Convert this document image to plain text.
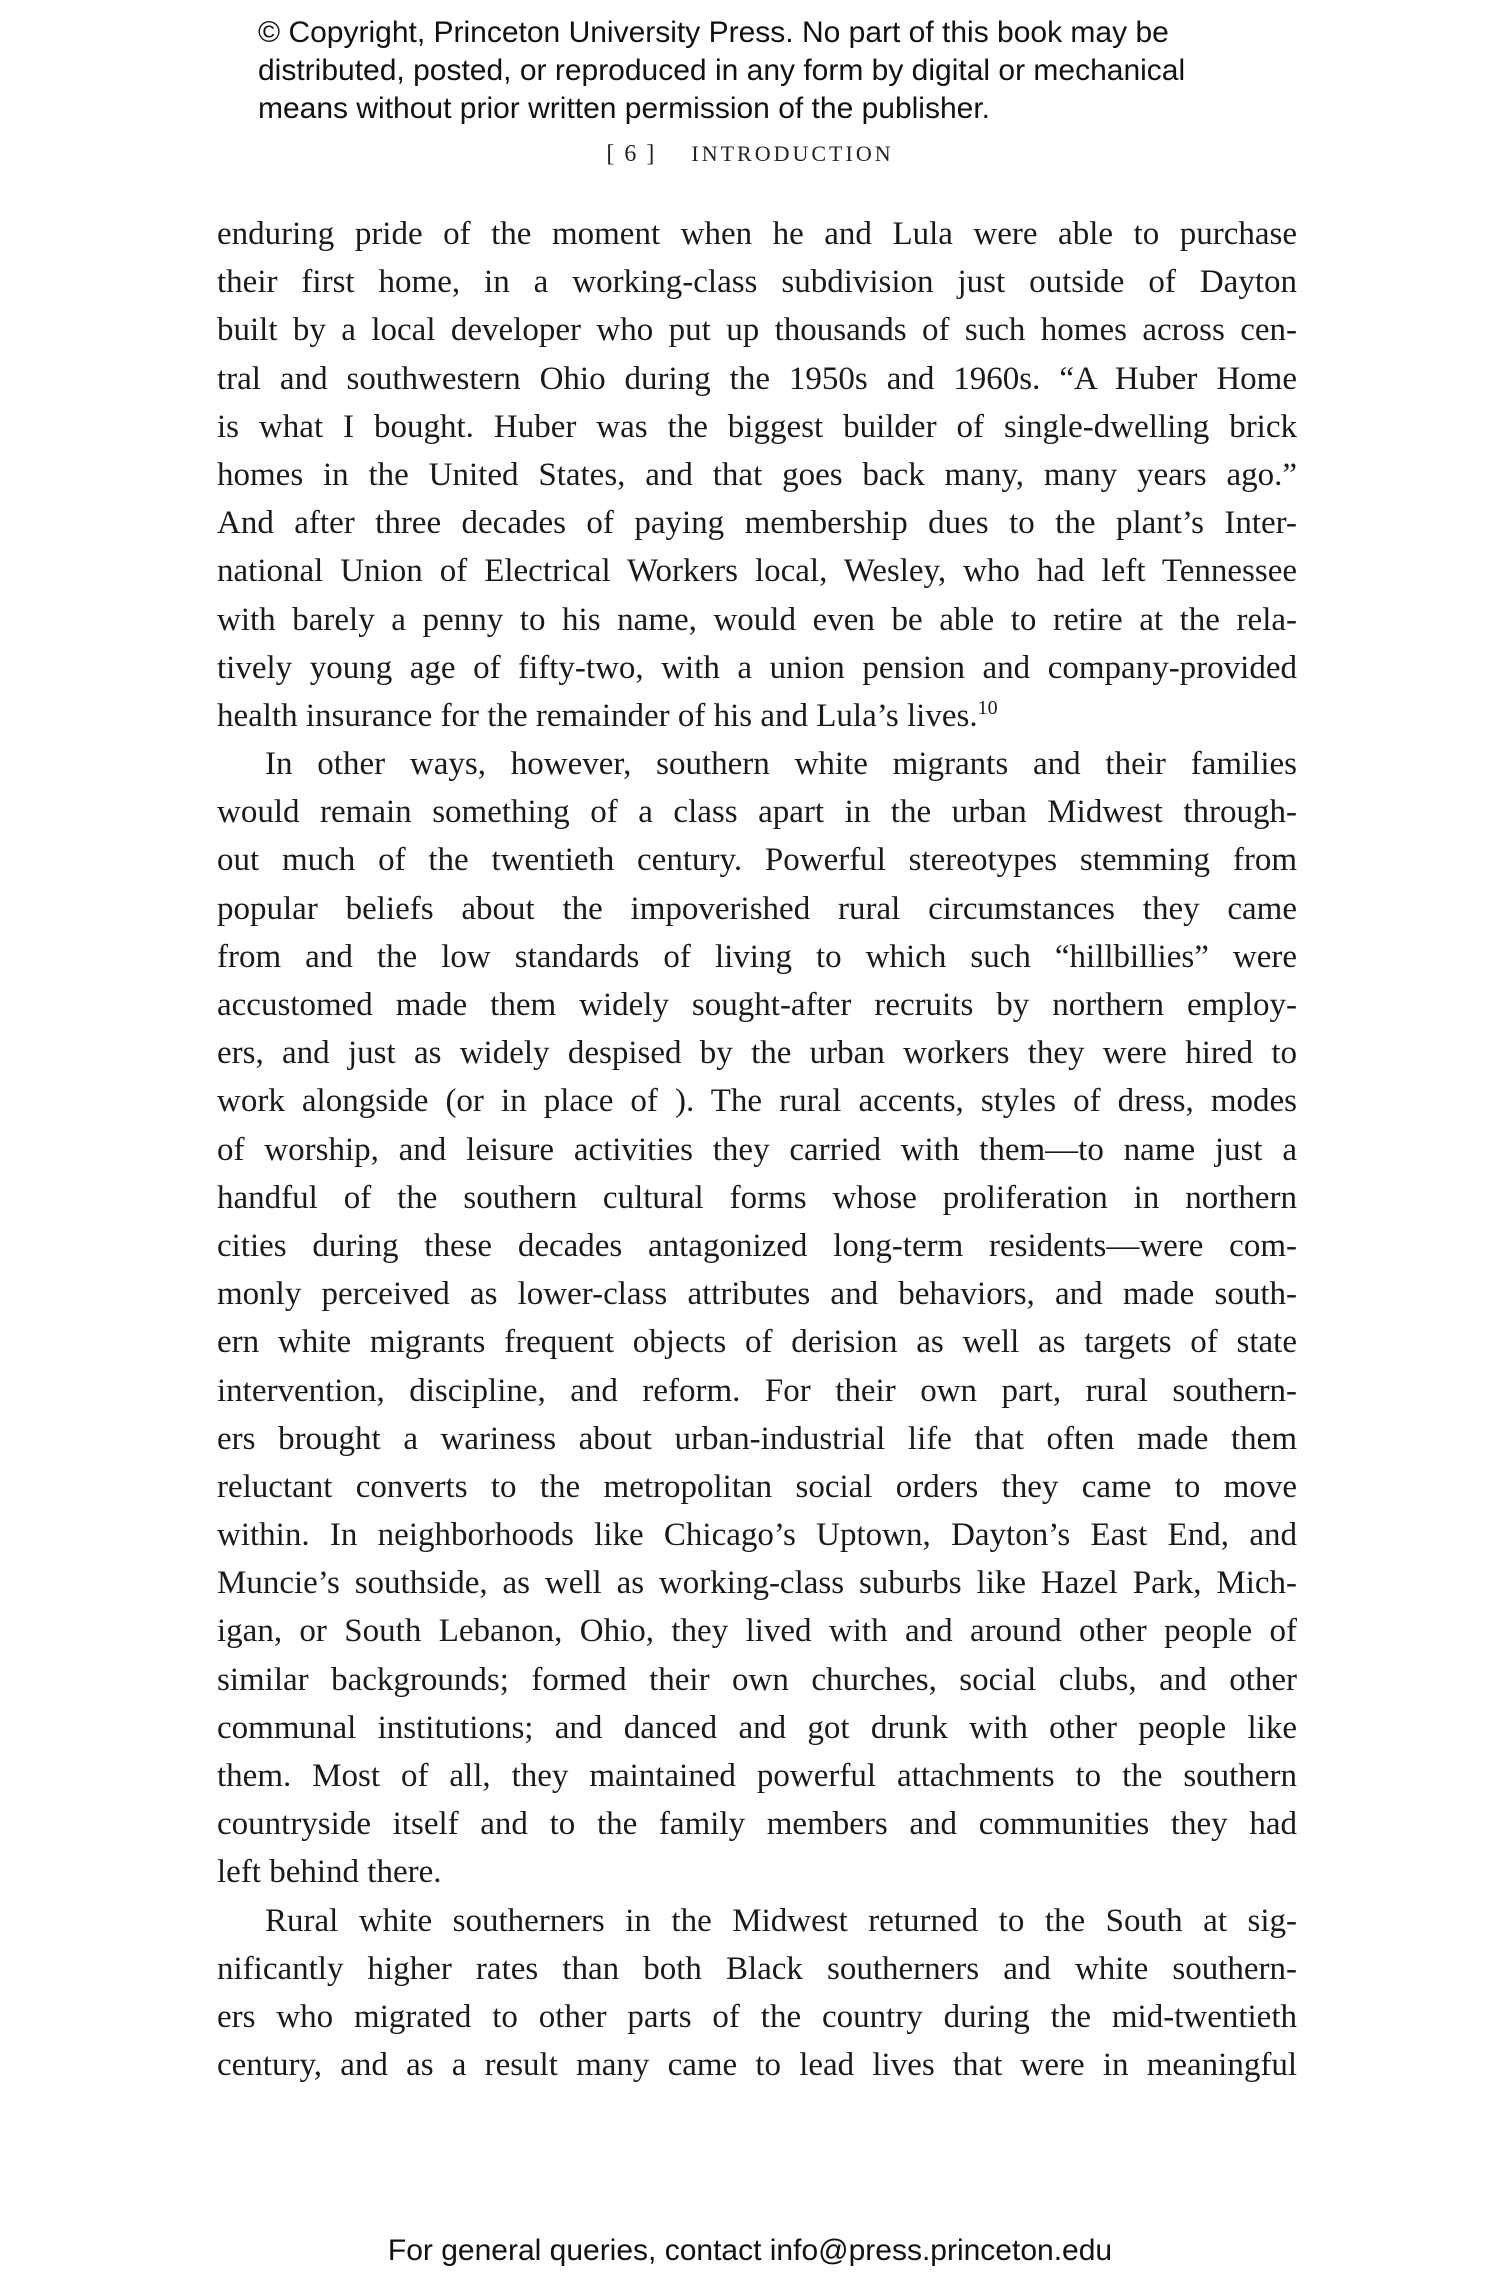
© Copyright, Princeton University Press. No part of this book may be
distributed, posted, or reproduced in any form by digital or mechanical
means without prior written permission of the publisher.
[ 6 ] INTRODUCTION
enduring pride of the moment when he and Lula were able to purchase
their first home, in a working-class subdivision just outside of Dayton
built by a local developer who put up thousands of such homes across cen-
tral and southwestern Ohio during the 1950s and 1960s. “A Huber Home
is what I bought. Huber was the biggest builder of single-dwelling brick
homes in the United States, and that goes back many, many years ago.”
And after three decades of paying membership dues to the plant’s Inter-
national Union of Electrical Workers local, Wesley, who had left Tennessee
with barely a penny to his name, would even be able to retire at the rela-
tively young age of fifty-two, with a union pension and company-provided
health insurance for the remainder of his and Lula’s lives.$^{10}$
In other ways, however, southern white migrants and their families
would remain something of a class apart in the urban Midwest through-
out much of the twentieth century. Powerful stereotypes stemming from
popular beliefs about the impoverished rural circumstances they came
from and the low standards of living to which such “hillbillies” were
accustomed made them widely sought-after recruits by northern employ-
ers, and just as widely despised by the urban workers they were hired to
work alongside (or in place of ). The rural accents, styles of dress, modes
of worship, and leisure activities they carried with them—to name just a
handful of the southern cultural forms whose proliferation in northern
cities during these decades antagonized long-term residents—were com-
monly perceived as lower-class attributes and behaviors, and made south-
ern white migrants frequent objects of derision as well as targets of state
intervention, discipline, and reform. For their own part, rural southern-
ers brought a wariness about urban-industrial life that often made them
reluctant converts to the metropolitan social orders they came to move
within. In neighborhoods like Chicago’s Uptown, Dayton’s East End, and
Muncie’s southside, as well as working-class suburbs like Hazel Park, Mich-
igan, or South Lebanon, Ohio, they lived with and around other people of
similar backgrounds; formed their own churches, social clubs, and other
communal institutions; and danced and got drunk with other people like
them. Most of all, they maintained powerful attachments to the southern
countryside itself and to the family members and communities they had
left behind there.
Rural white southerners in the Midwest returned to the South at sig-
nificantly higher rates than both Black southerners and white southern-
ers who migrated to other parts of the country during the mid-twentieth
century, and as a result many came to lead lives that were in meaningful
For general queries, contact info@press.princeton.edu
